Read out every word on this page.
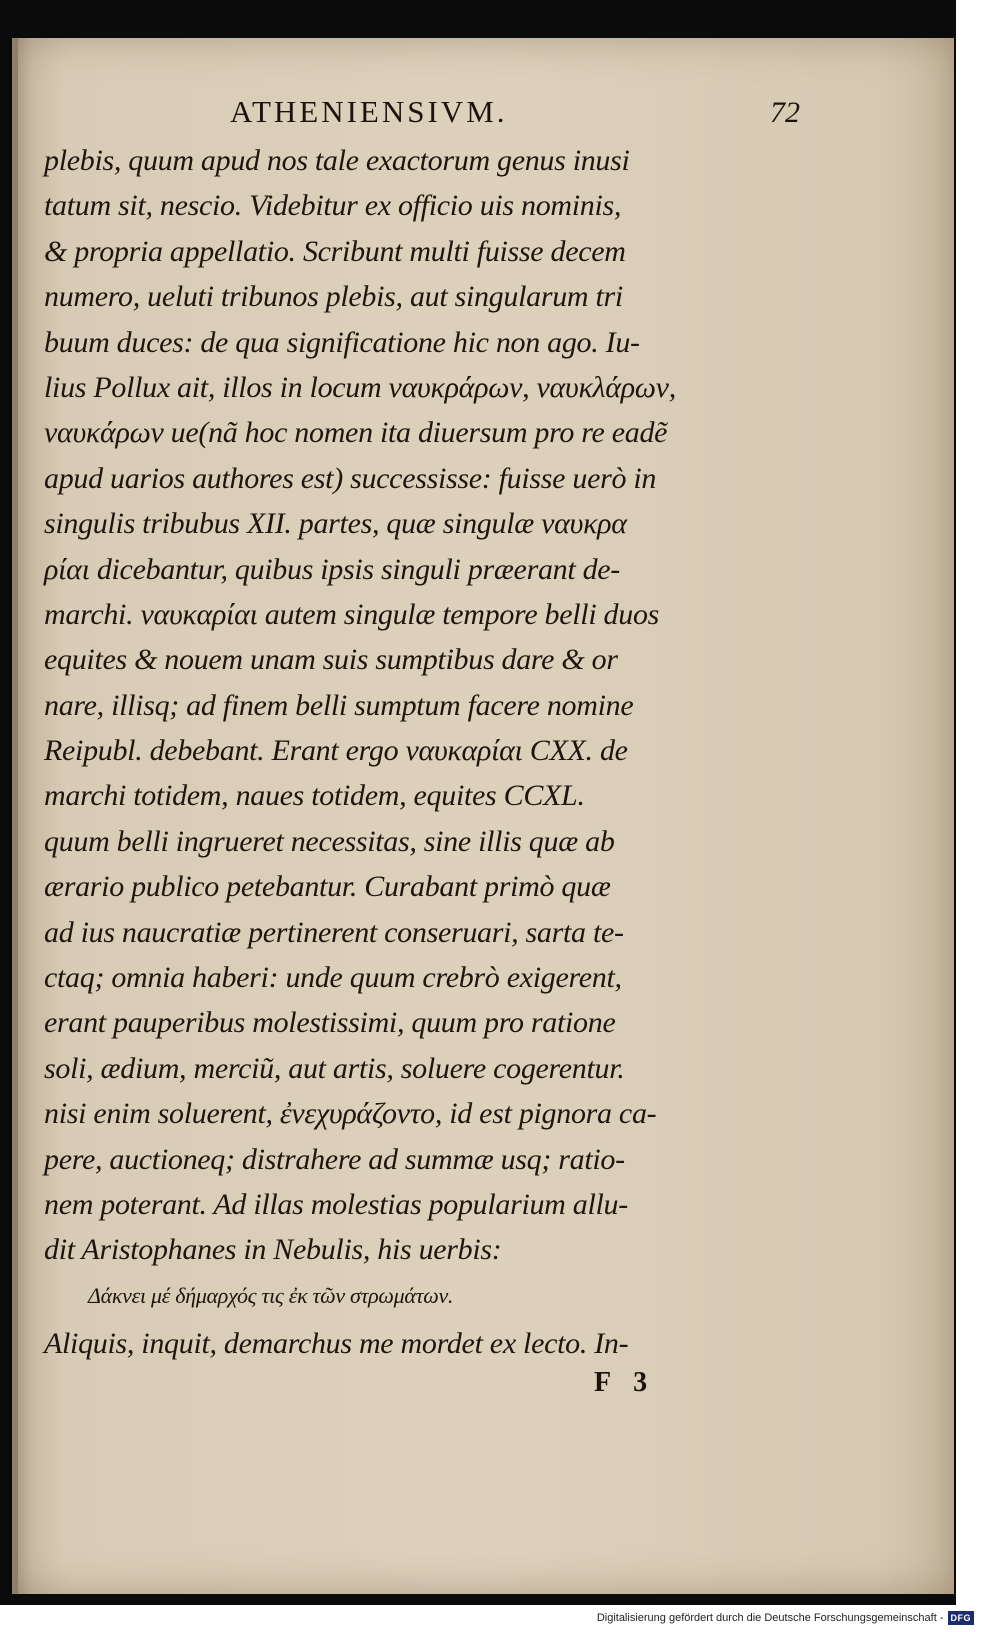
ATHENIENSIVM.	72
plebis, quum apud nos tale exactorum genus inusi
tatum sit, nescio. Videbitur ex officio uis nominis,
& propria appellatio. Scribunt multi fuisse decem
numero, ueluti tribunos plebis, aut singularum tri
buum duces: de qua significatione hic non ago. Iu-
lius Pollux ait, illos in locum ναυκράρων, ναυκλάρων,
ναυκάρων ue(nã hoc nomen ita diuersum pro re eadẽ
apud uarios authores est) successisse: fuisse uerò in
singulis tribubus XII. partes, quæ singulæ ναυκρα
ρίαι dicebantur, quibus ipsis singuli præerant de-
marchi. ναυκαρίαι autem singulæ tempore belli duos
equites & nouem unam suis sumptibus dare & or
nare, illisq; ad finem belli sumptum facere nomine
Reipubl. debebant. Erant ergo ναυκαρίαι CXX. de
marchi totidem, naues totidem, equites CCXL.
quum belli ingrueret necessitas, sine illis quæ ab
ærario publico petebantur. Curabant primò quæ
ad ius naucratiæ pertinerent conseruari, sarta te-
ctaq; omnia haberi: unde quum crebrò exigerent,
erant pauperibus molestissimi, quum pro ratione
soli, ædium, merciũ, aut artis, soluere cogerentur.
nisi enim soluerent, ἐνεχυράζοντο, id est pignora ca-
pere, auctioneq; distrahere ad summæ usq; ratio-
nem poterant. Ad illas molestias popularium allu-
dit Aristophanes in Nebulis, his uerbis:
Δάκνει μέ δήμαρχός τις ἐκ τῶν στρωμάτων.
Aliquis, inquit, demarchus me mordet ex lecto. In-
F 3
Digitalisierung gefördert durch die Deutsche Forschungsgemeinschaft - DFG
